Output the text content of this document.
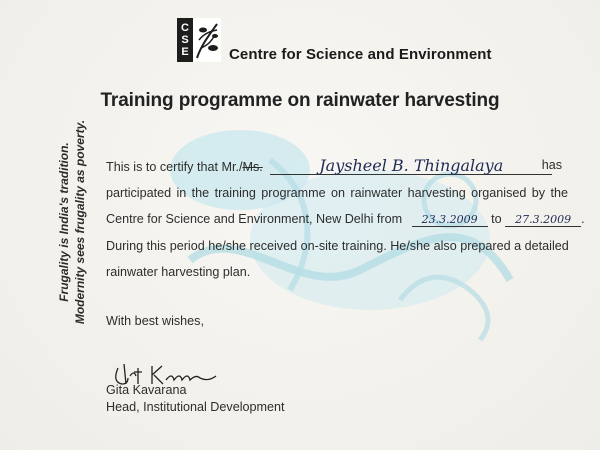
C
S
E	Centre for Science and Environment
Training programme on rainwater harvesting
Frugality is India's tradition. Modernity sees frugality as poverty. This is to certify that Mr./Ms.	Jaysheel B. Thingalaya	has
participated in the training programme on rainwater harvesting organised by the
Centre for Science and Environment, New Delhi from 23.3.2009 to 27.3.2009 .
During this period he/she received on-site training. He/she also prepared a detailed
rainwater harvesting plan.
With best wishes,
Gita Kavarana
Head, Institutional Development
